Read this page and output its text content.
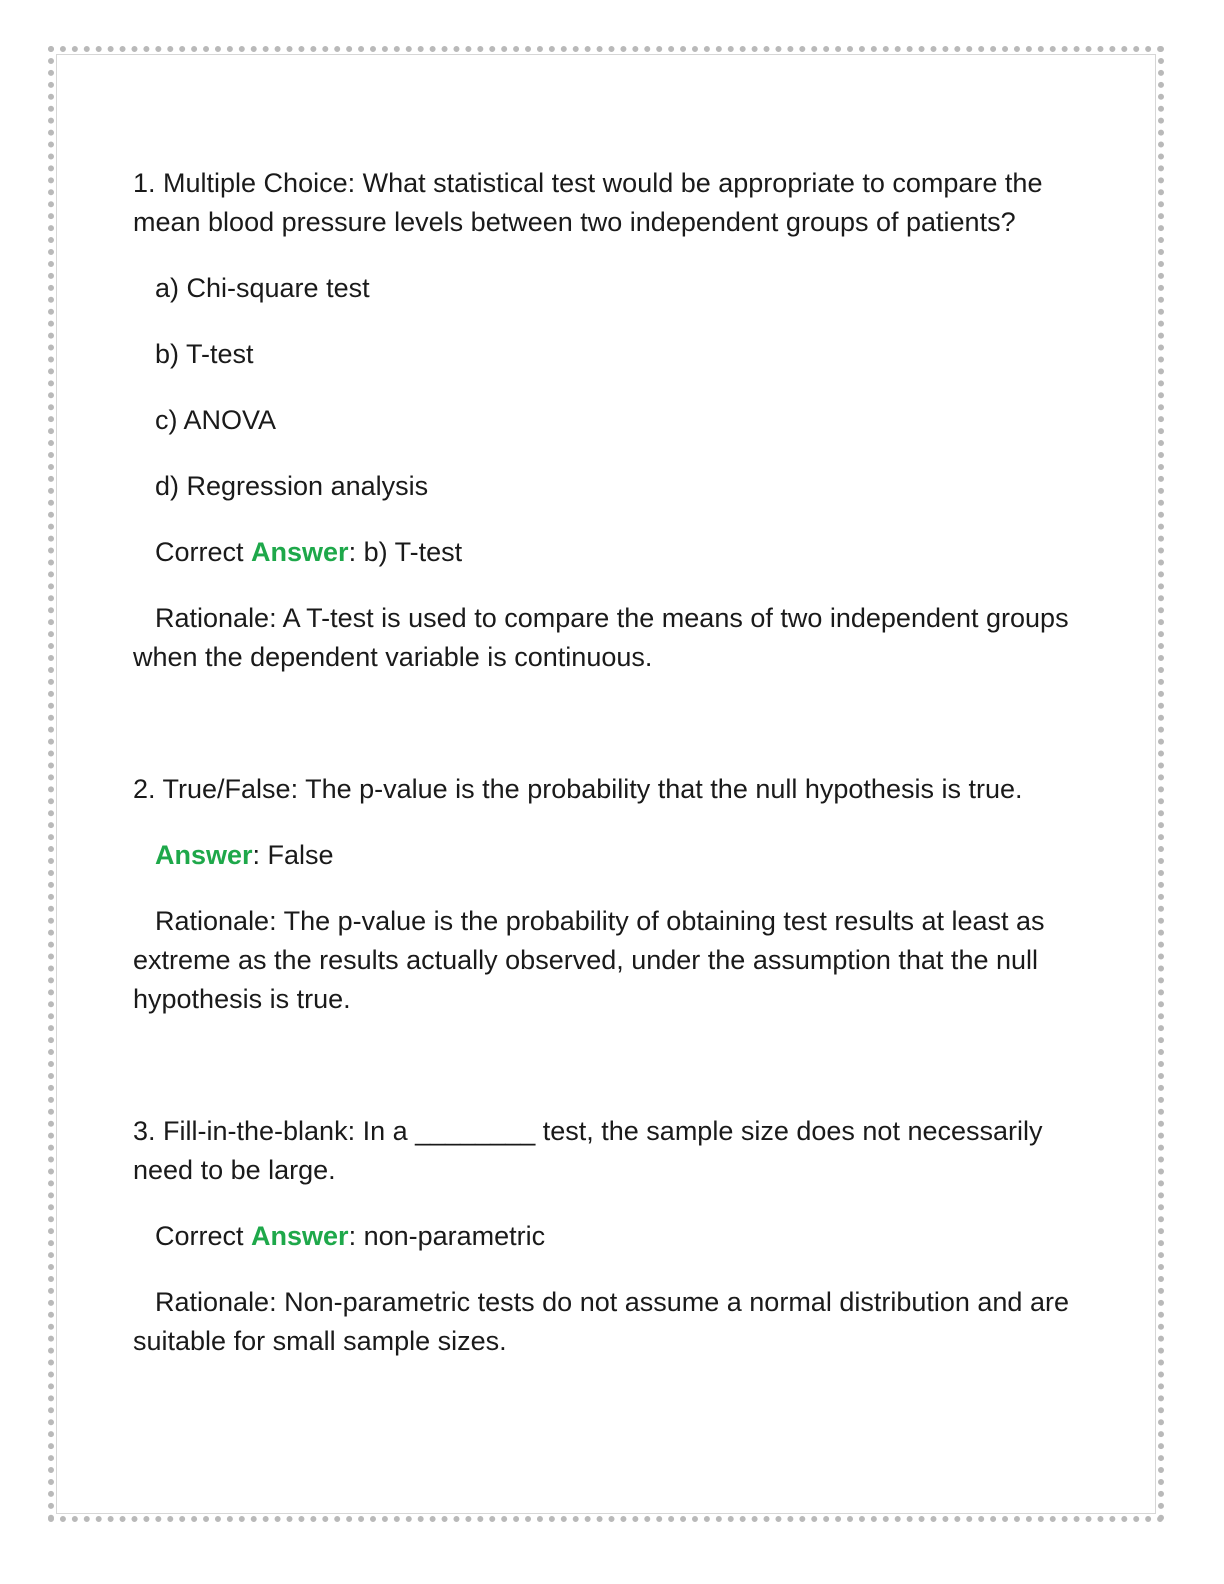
1. Multiple Choice: What statistical test would be appropriate to compare the mean blood pressure levels between two independent groups of patients?

a) Chi-square test

b) T-test

c) ANOVA

d) Regression analysis

Correct Answer: b) T-test

Rationale: A T-test is used to compare the means of two independent groups when the dependent variable is continuous.

2. True/False: The p-value is the probability that the null hypothesis is true.

Answer: False

Rationale: The p-value is the probability of obtaining test results at least as extreme as the results actually observed, under the assumption that the null hypothesis is true.

3. Fill-in-the-blank: In a ________ test, the sample size does not necessarily need to be large.

Correct Answer: non-parametric

Rationale: Non-parametric tests do not assume a normal distribution and are suitable for small sample sizes.
